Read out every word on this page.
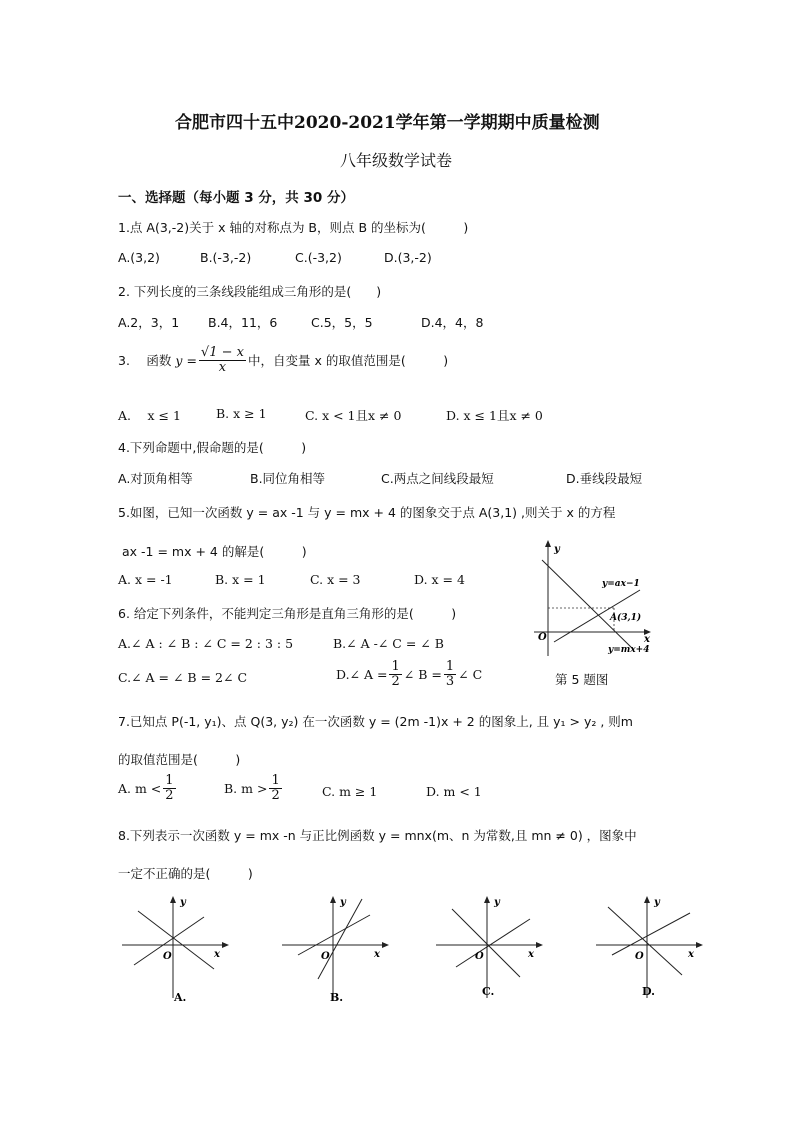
合肥市四十五中2020-2021学年第一学期期中质量检测
八年级数学试卷
一、选择题（每小题 3 分，共 30 分）
1.点 A(3,-2)关于 x 轴的对称点为 B，则点 B 的坐标为(　　　)
A.(3,2)	B.(-3,-2)	C.(-3,2)	D.(3,-2)
2. 下列长度的三条线段能组成三角形的是(　　)
A.2，3，1 B.4，11，6	C.5，5，5	D.4，4，8
3.　 函数 $y = \frac{√1 - x}{x}$ 中，自变量 x 的取值范围是(　　　)
A.　 x ≤ 1	B. x ≥ 1	C. x < 1且x ≠ 0	D. x ≤ 1且x ≠ 0
4.下列命题中,假命题的是(　　　)
A.对顶角相等	B.同位角相等	C.两点之间线段最短	D.垂线段最短
5.如图，已知一次函数 y = ax -1 与 y = mx + 4 的图象交于点 A(3,1) ,则关于 x 的方程
ax -1 = mx + 4 的解是(　　　)
A. x = -1	B. x = 1	C. x = 3	D. x = 4
y
x
O
y=ax−1
A(3,1)
y=mx+4
第 5 题图
6. 给定下列条件，不能判定三角形是直角三角形的是(　　　)
A.∠ A : ∠ B : ∠ C = 2 : 3 : 5	B.∠ A -∠ C = ∠ B
C.∠ A = ∠ B = 2∠ C	D.∠ $A = \frac{1}{2}$ ∠ $B = \frac{1}{3}$ ∠ C
7.已知点 P(-1, y₁)、点 Q(3, y₂) 在一次函数 y = (2m -1)x + 2 的图象上, 且 y₁ > y₂ , 则m
的取值范围是(　　　)
A. $m < \frac{1}{2}$	B. $m > \frac{1}{2}$	C. m ≥ 1	D. m < 1
8.下列表示一次函数 y = mx -n 与正比例函数 y = mnx(m、n 为常数,且 mn ≠ 0) ，图象中
一定不正确的是(　　　)
y
x
O
A.
y
x
O
B.
y
x
O
C.
y
x
O
D.
